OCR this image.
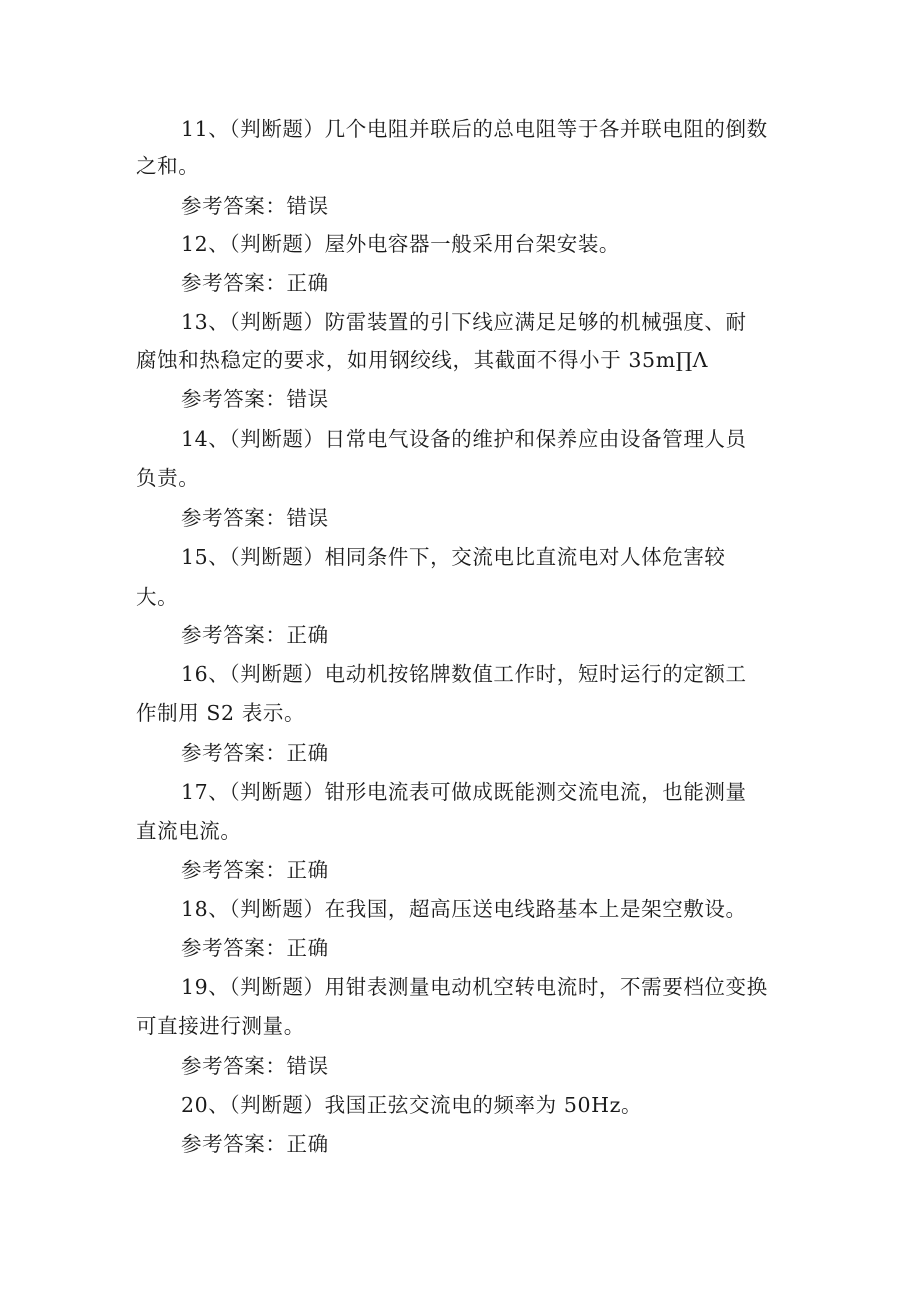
11、（判断题）几个电阻并联后的总电阻等于各并联电阻的倒数
之和。
参考答案：错误
12、（判断题）屋外电容器一般采用台架安装。
参考答案：正确
13、（判断题）防雷装置的引下线应满足足够的机械强度、耐
腐蚀和热稳定的要求，如用钢绞线，其截面不得小于 35m∏Λ
参考答案：错误
14、（判断题）日常电气设备的维护和保养应由设备管理人员
负责。
参考答案：错误
15、（判断题）相同条件下，交流电比直流电对人体危害较
大。
参考答案：正确
16、（判断题）电动机按铭牌数值工作时，短时运行的定额工
作制用 S2 表示。
参考答案：正确
17、（判断题）钳形电流表可做成既能测交流电流，也能测量
直流电流。
参考答案：正确
18、（判断题）在我国，超高压送电线路基本上是架空敷设。
参考答案：正确
19、（判断题）用钳表测量电动机空转电流时，不需要档位变换
可直接进行测量。
参考答案：错误
20、（判断题）我国正弦交流电的频率为 50Hz。
参考答案：正确
